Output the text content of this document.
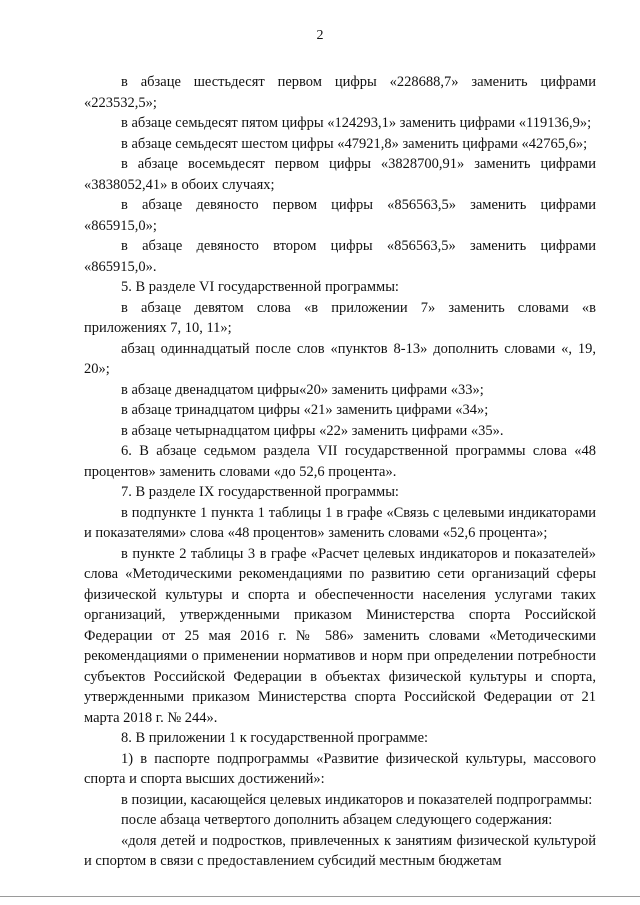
2

в абзаце шестьдесят первом цифры «228688,7» заменить цифрами «223532,5»;

в абзаце семьдесят пятом цифры «124293,1» заменить цифрами «119136,9»;

в абзаце семьдесят шестом цифры «47921,8» заменить цифрами «42765,6»;

в абзаце восемьдесят первом цифры «3828700,91» заменить цифрами «3838052,41» в обоих случаях;

в абзаце девяносто первом цифры «856563,5» заменить цифрами «865915,0»;

в абзаце девяносто втором цифры «856563,5» заменить цифрами «865915,0».

5. В разделе VI государственной программы:

в абзаце девятом слова «в приложении 7» заменить словами «в приложениях 7, 10, 11»;

абзац одиннадцатый после слов «пунктов 8-13» дополнить словами «, 19, 20»;

в абзаце двенадцатом цифры«20» заменить цифрами «33»;

в абзаце тринадцатом цифры «21» заменить цифрами «34»;

в абзаце четырнадцатом цифры «22» заменить цифрами «35».

6. В абзаце седьмом раздела VII государственной программы слова «48 процентов» заменить словами «до 52,6 процента».

7. В разделе IX государственной программы:

в подпункте 1 пункта 1 таблицы 1 в графе «Связь с целевыми индикаторами и показателями» слова «48 процентов» заменить словами «52,6 процента»;

в пункте 2 таблицы 3 в графе «Расчет целевых индикаторов и показателей» слова «Методическими рекомендациями по развитию сети организаций сферы физической культуры и спорта и обеспеченности населения услугами таких организаций, утвержденными приказом Министерства спорта Российской Федерации от 25 мая 2016 г. № 586» заменить словами «Методическими рекомендациями о применении нормативов и норм при определении потребности субъектов Российской Федерации в объектах физической культуры и спорта, утвержденными приказом Министерства спорта Российской Федерации от 21 марта 2018 г. № 244».

8. В приложении 1 к государственной программе:

1) в паспорте подпрограммы «Развитие физической культуры, массового спорта и спорта высших достижений»:

в позиции, касающейся целевых индикаторов и показателей подпрограммы:

после абзаца четвертого дополнить абзацем следующего содержания:

«доля детей и подростков, привлеченных к занятиям физической культурой и спортом в связи с предоставлением субсидий местным бюджетам
